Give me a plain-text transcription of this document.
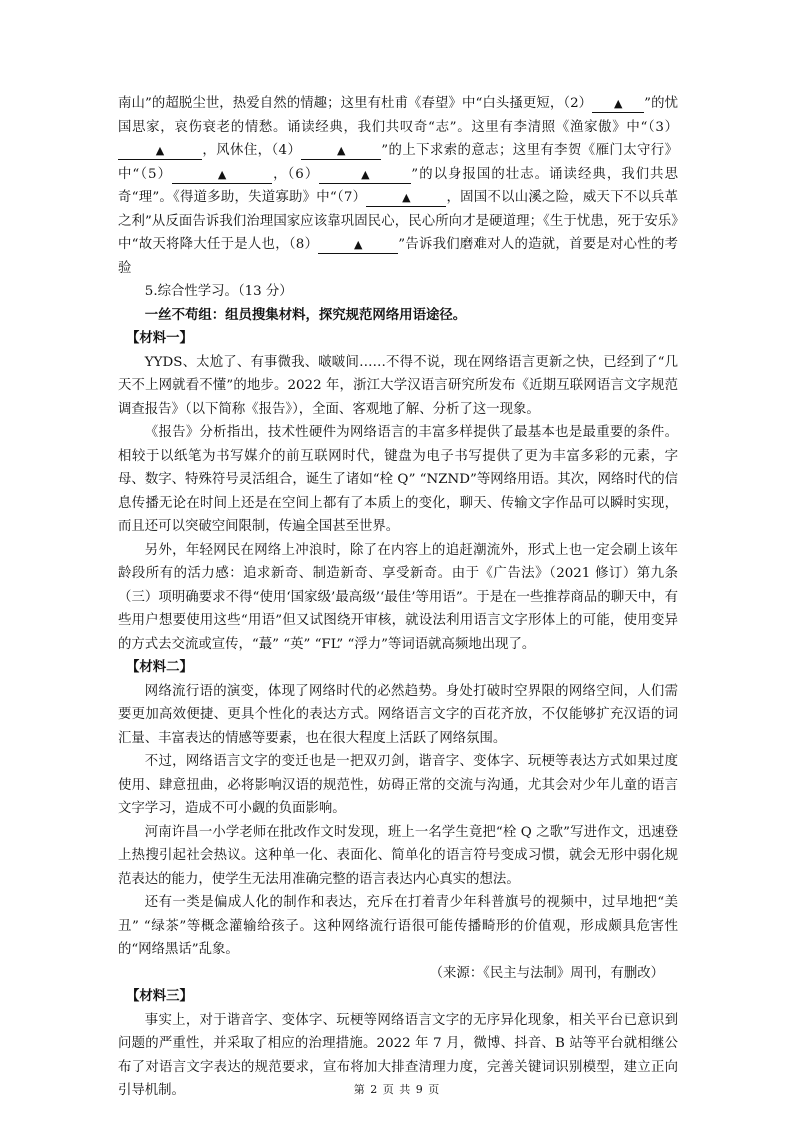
南山”的超脱尘世，热爱自然的情趣；这里有杜甫《春望》中“白头搔更短，（2） ▲ ”的忧国思家，哀伤衰老的情愁。诵读经典，我们共叹奇“志”。这里有李清照《渔家傲》中“（3）▲	，风休住，（4）	▲	”的上下求索的意志；这里有李贺《雁门太守行》中“（5）	▲	，（6）	▲	”的以身报国的壮志。诵读经典，我们共思奇“理”。《得道多助，失道寡助》中“（7）	▲	，固国不以山溪之险，威天下不以兵革之利”从反面告诉我们治理国家应该靠巩固民心，民心所向才是硬道理；《生于忧患，死于安乐》中“故天将降大任于是人也，（8）	▲	”告诉我们磨难对人的造就，首要是对心性的考验

5.综合性学习。（13 分）

一丝不苟组：组员搜集材料，探究规范网络用语途径。

【材料一】

YYDS、太尬了、有事微我、啵啵间……不得不说，现在网络语言更新之快，已经到了“几天不上网就看不懂”的地步。2022 年，浙江大学汉语言研究所发布《近期互联网语言文字规范调查报告》（以下简称《报告》），全面、客观地了解、分析了这一现象。

《报告》分析指出，技术性硬件为网络语言的丰富多样提供了最基本也是最重要的条件。相较于以纸笔为书写媒介的前互联网时代，键盘为电子书写提供了更为丰富多彩的元素，字母、数字、特殊符号灵活组合，诞生了诸如“栓 Q” “NZND”等网络用语。其次，网络时代的信息传播无论在时间上还是在空间上都有了本质上的变化，聊天、传输文字作品可以瞬时实现，而且还可以突破空间限制，传遍全国甚至世界。

另外，年轻网民在网络上冲浪时，除了在内容上的追赶潮流外，形式上也一定会刷上该年龄段所有的活力感：追求新奇、制造新奇、享受新奇。由于《广告法》（2021 修订）第九条（三）项明确要求不得“使用‘国家级’最高级’‘最佳’等用语”。于是在一些推荐商品的聊天中，有些用户想要使用这些“用语”但又试图绕开审核，就设法利用语言文字形体上的可能，使用变异的方式去交流或宣传，“蕞” “英” “FL” “浮力”等词语就高频地出现了。

【材料二】

网络流行语的演变，体现了网络时代的必然趋势。身处打破时空界限的网络空间，人们需要更加高效便捷、更具个性化的表达方式。网络语言文字的百花齐放，不仅能够扩充汉语的词汇量、丰富表达的情感等要素，也在很大程度上活跃了网络氛围。

不过，网络语言文字的变迁也是一把双刃剑，谐音字、变体字、玩梗等表达方式如果过度使用、肆意扭曲，必将影响汉语的规范性，妨碍正常的交流与沟通，尤其会对少年儿童的语言文字学习，造成不可小觑的负面影响。

河南许昌一小学老师在批改作文时发现，班上一名学生竟把“栓 Q 之歌”写进作文，迅速登上热搜引起社会热议。这种单一化、表面化、简单化的语言符号变成习惯，就会无形中弱化规范表达的能力，使学生无法用准确完整的语言表达内心真实的想法。

还有一类是偏成人化的制作和表达，充斥在打着青少年科普旗号的视频中，过早地把“美丑” “绿茶”等概念灌输给孩子。这种网络流行语很可能传播畸形的价值观，形成颇具危害性的“网络黑话”乱象。

（来源：《民主与法制》周刊，有删改）

【材料三】

事实上，对于谐音字、变体字、玩梗等网络语言文字的无序异化现象，相关平台已意识到问题的严重性，并采取了相应的治理措施。2022 年 7 月，微博、抖音、B 站等平台就相继公布了对语言文字表达的规范要求，宣布将加大排查清理力度，完善关键词识别模型，建立正向引导机制。	第 2 页 共 9 页
